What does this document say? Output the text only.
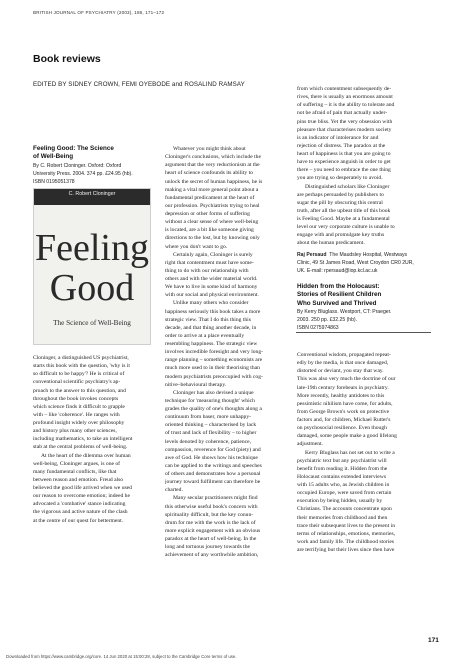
BRITISH JOURNAL OF PSYCHIATRY (2003), 186, 171–172
Book reviews
EDITED BY SIDNEY CROWN, FEMI OYEBODE and ROSALIND RAMSAY
Feeling Good: The Science
of Well-Being
By C. Robert Cloninger. Oxford: Oxford
University Press. 2004. 374 pp. £24.95 (hb).
ISBN 0195051378
C. Robert Cloninger
Feeling
Good
The Science of Well-Being
Cloninger, a distinguished US psychiatrist,
starts this book with the question, 'why is it
so difficult to be happy'? He is critical of
conventional scientific psychiatry's ap-
proach to the answer to this question, and
throughout the book invokes concepts
which science finds it difficult to grapple
with – like 'coherence'. He ranges with
profound insight widely over philosophy
and history plus many other sciences,
including mathematics, to take an intelligent
stab at the central problems of well-being.
At the heart of the dilemma over human
well-being, Cloninger argues, is one of
many fundamental conflicts, like that
between reason and emotion. Freud also
believed the good life arrived when we used
our reason to overcome emotion; indeed he
advocated a 'combative' stance indicating
the vigorous and active nature of the clash
at the centre of our quest for betterment.
Whatever you might think about
Cloninger's conclusions, which include the
argument that the very reductionism at the
heart of science confounds its ability to
unlock the secret of human happiness, he is
making a vital more general point about a
fundamental predicament at the heart of
our profession. Psychiatrists trying to heal
depression or other forms of suffering
without a clear sense of where well-being
is located, are a bit like someone giving
directions to the lost, but by knowing only
where you don't want to go.
Certainly again, Cloninger is surely
right that contentment must have some-
thing to do with our relationship with
others and with the wider material world.
We have to live in some kind of harmony
with our social and physical environment.
Unlike many others who consider
happiness seriously this book takes a more
strategic view. That I do this thing this
decade, and that thing another decade, in
order to arrive at a place eventually
resembling happiness. The strategic view
involves incredible foresight and very long-
range planning – something economists are
much more used to in their theorising than
modern psychiatrists preoccupied with cog-
nitive–behavioural therapy.
Cloninger has also devised a unique
technique for 'measuring thought' which
grades the quality of one's thoughts along a
continuum from baser, more unhappy-
oriented thinking – characterised by lack
of trust and lack of flexibility – to higher
levels denoted by coherence, patience,
compassion, reverence for God (piety) and
awe of God. He shows how his technique
can be applied to the writings and speeches
of others and demonstrates how a personal
journey toward fulfilment can therefore be
charted.
Many secular practitioners might find
this otherwise useful book's concern with
spirituality difficult, but the key conun-
drum for me with the work is the lack of
more explicit engagement with an obvious
paradox at the heart of well-being. In the
long and tortuous journey towards the
achievement of any worthwhile ambition,
from which contentment subsequently de-
rives, there is usually an enormous amount
of suffering – it is the ability to tolerate and
not be afraid of pain that actually under-
pins true bliss. Yet the very obsession with
pleasure that characterises modern society
is an indicator of intolerance for and
rejection of distress. The paradox at the
heart of happiness is that you are going to
have to experience anguish in order to get
there – you need to embrace the one thing
you are trying so desperately to avoid.
Distinguished scholars like Cloninger
are perhaps persuaded by publishers to
sugar the pill by obscuring this central
truth, after all the upbeat title of this book
is Feeling Good. Maybe at a fundamental
level our very corporate culture is unable to
engage with and promulgate key truths
about the human predicament.
Raj Persaud The Maudsley Hospital, Westways
Clinic, 49 St James Road, West Croydon CR0 2UR,
UK. E-mail: rpersaud@iop.kcl.ac.uk
Hidden from the Holocaust:
Stories of Resilient Children
Who Survived and Thrived
By Kerry Bluglass. Westport, CT: Praeger.
2003. 250 pp. £32.25 (hb).
ISBN 0275974863
Conventional wisdom, propagated repeat-
edly by the media, is that once damaged,
distorted or deviant, you stay that way.
This was also very much the doctrine of our
late-19th century forebears in psychiatry.
More recently, healthy antidotes to this
pessimistic nihilism have come, for adults,
from George Brown's work on protective
factors and, for children, Michael Rutter's
on psychosocial resilience. Even though
damaged, some people make a good lifelong
adjustment.
Kerry Bluglass has not set out to write a
psychiatric text but any psychiatrist will
benefit from reading it. Hidden from the
Holocaust contains extended interviews
with 15 adults who, as Jewish children in
occupied Europe, were saved from certain
execution by being hidden, usually by
Christians. The accounts concentrate upon
their memories from childhood and then
trace their subsequent lives to the present in
terms of relationships, emotions, memories,
work and family life. The childhood stories
are terrifying but their lives since then have
171
Downloaded from https://www.cambridge.org/core. 14 Jun 2020 at 15:00:28, subject to the Cambridge Core terms of use.
